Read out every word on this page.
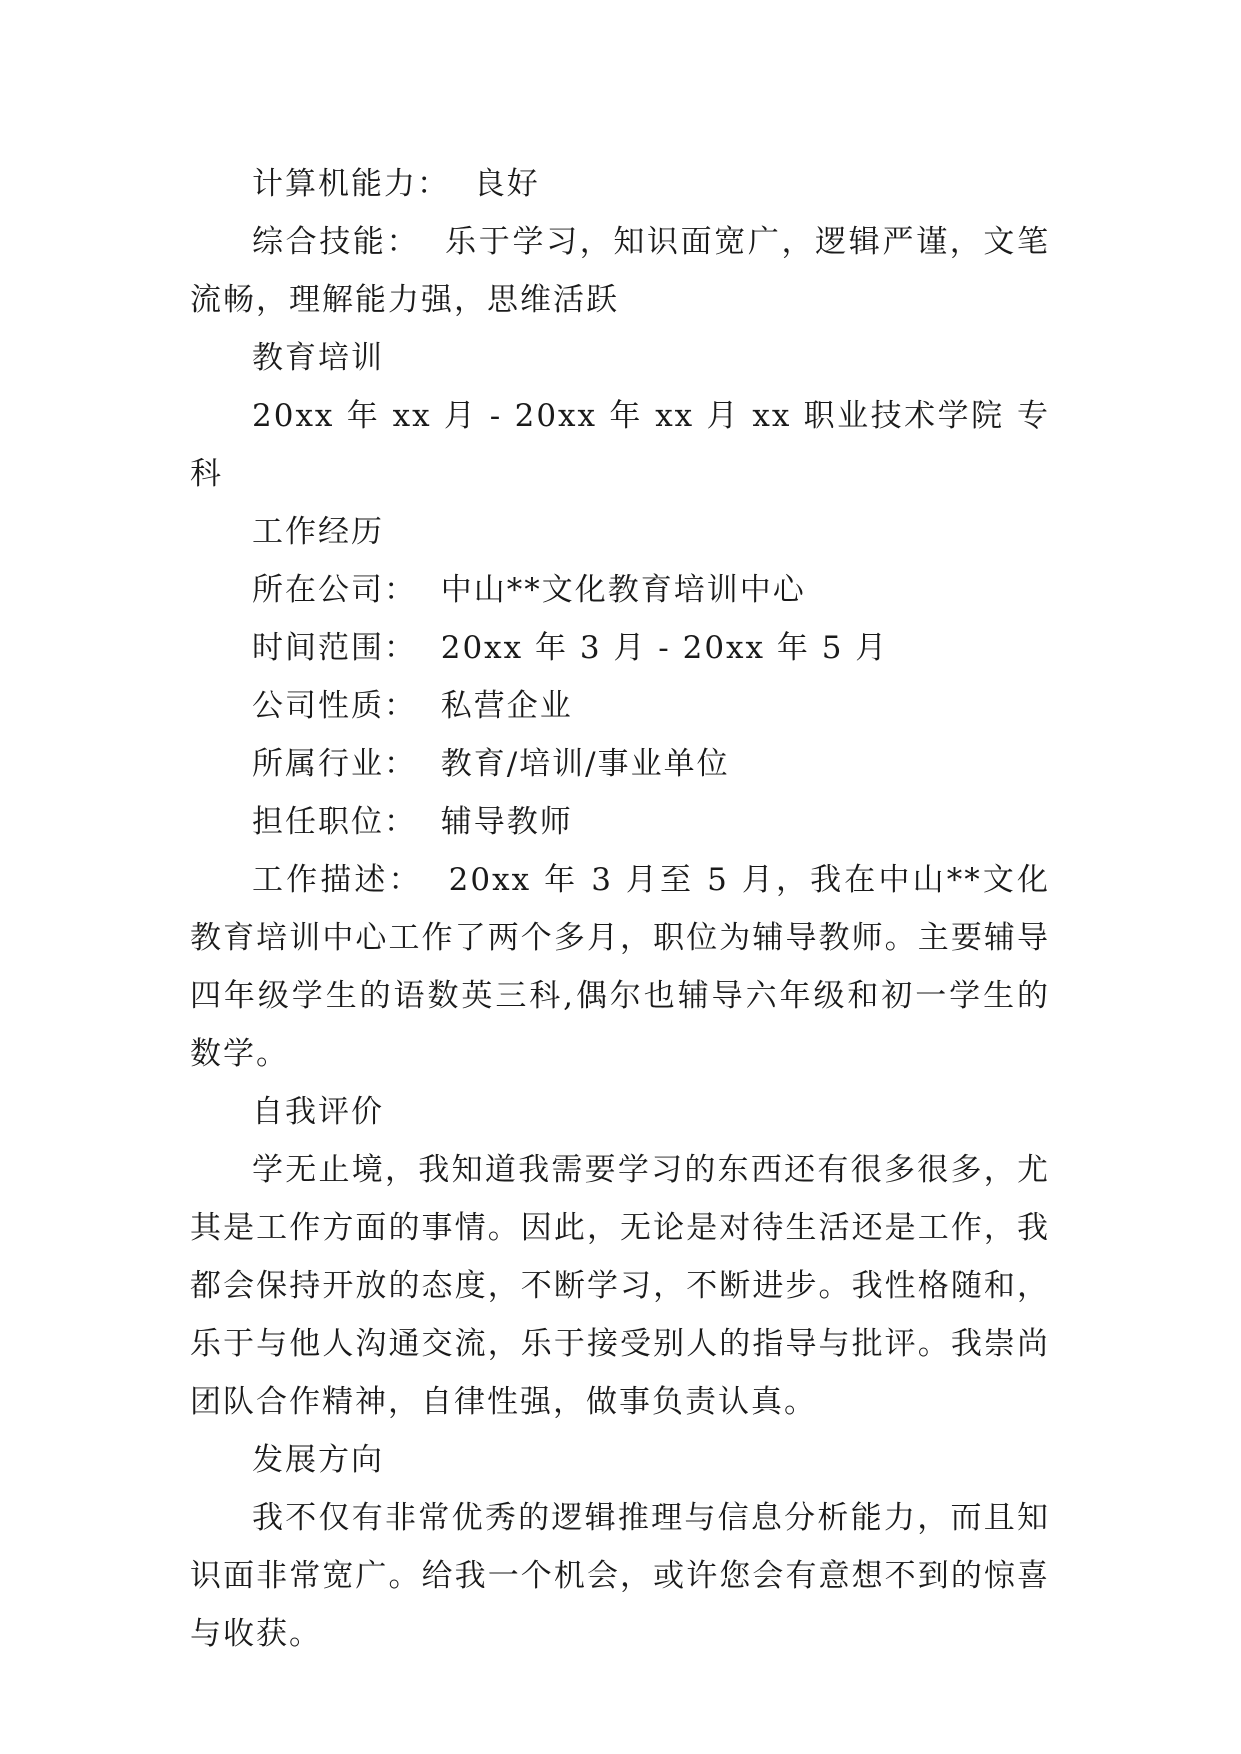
计算机能力： 良好

综合技能： 乐于学习，知识面宽广，逻辑严谨，文笔流畅，理解能力强，思维活跃

教育培训

20xx 年 xx 月 - 20xx 年 xx 月 xx 职业技术学院 专科

工作经历

所在公司： 中山**文化教育培训中心

时间范围： 20xx 年 3 月 - 20xx 年 5 月

公司性质： 私营企业

所属行业： 教育/培训/事业单位

担任职位： 辅导教师

工作描述： 20xx 年 3 月至 5 月，我在中山**文化教育培训中心工作了两个多月，职位为辅导教师。主要辅导四年级学生的语数英三科,偶尔也辅导六年级和初一学生的数学。

自我评价

学无止境，我知道我需要学习的东西还有很多很多，尤其是工作方面的事情。因此，无论是对待生活还是工作，我都会保持开放的态度，不断学习，不断进步。我性格随和，乐于与他人沟通交流，乐于接受别人的指导与批评。我崇尚团队合作精神，自律性强，做事负责认真。

发展方向

我不仅有非常优秀的逻辑推理与信息分析能力，而且知识面非常宽广。给我一个机会，或许您会有意想不到的惊喜与收获。
